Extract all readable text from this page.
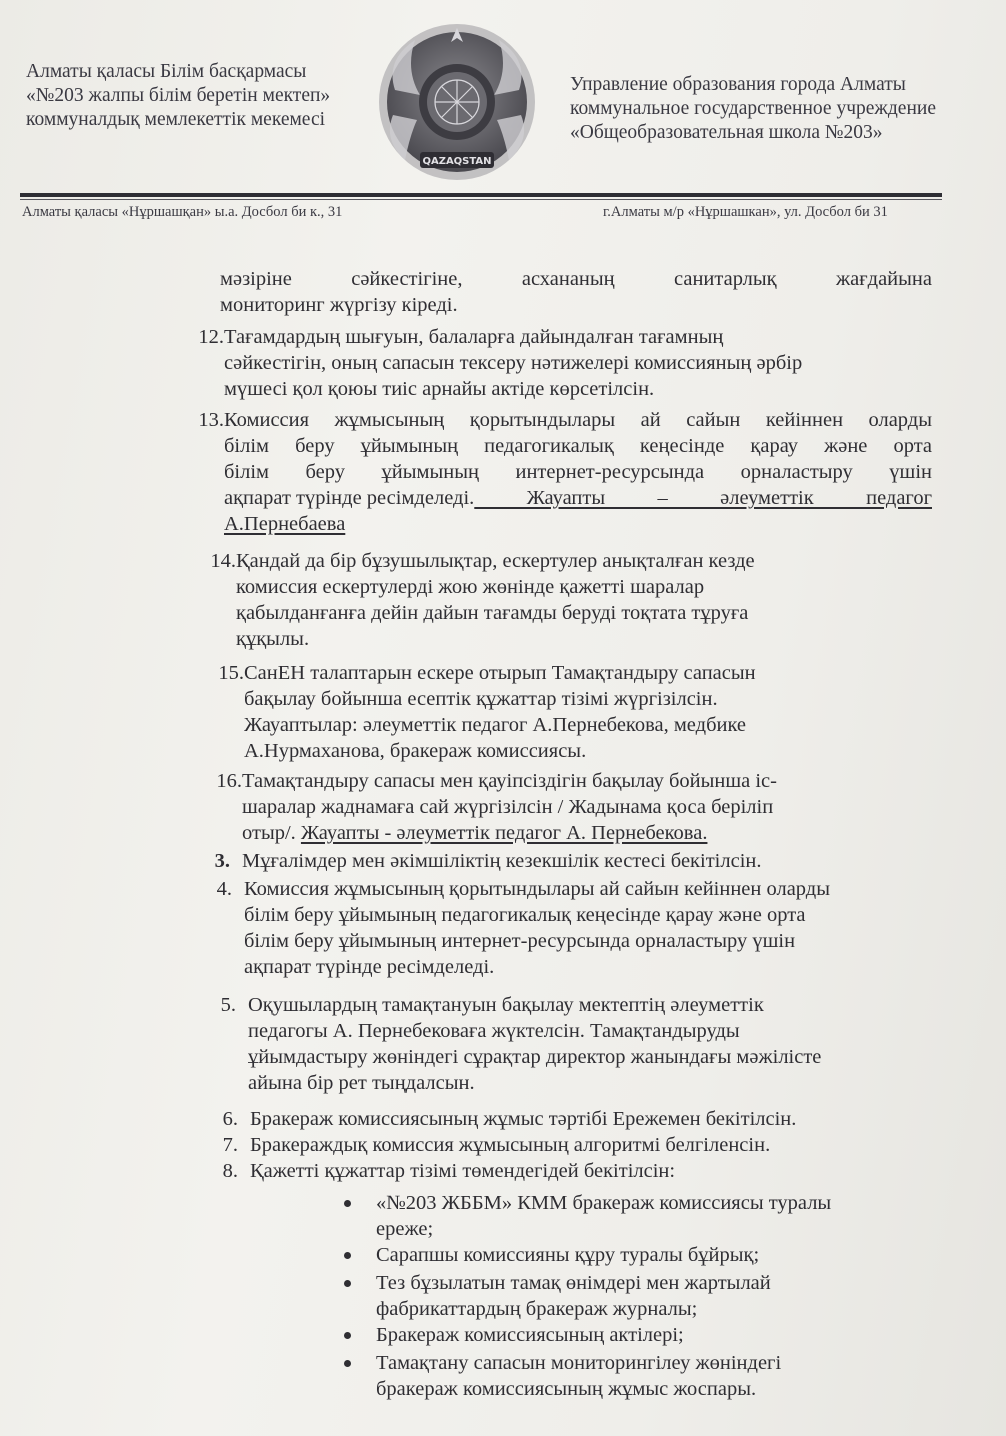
Алматы қаласы Білім басқармасы
«№203 жалпы білім беретін мектеп»
коммуналдық мемлекеттік мекемесі
QAZAQSTAN
Управление образования города Алматы
коммунальное государственное учреждение
«Общеобразовательная школа №203»
Алматы қаласы «Нұршашқан» ы.а. Досбол би к., 31	г.Алматы м/р «Нұршашкан», ул. Досбол би 31
мәзіріне сәйкестігіне, асхананың санитарлық жағдайына
мониторинг жүргізу кіреді.
12. Тағамдардың шығуын, балаларға дайындалған тағамның
сәйкестігін, оның сапасын тексеру нәтижелері комиссияның әрбір
мүшесі қол қоюы тиіс арнайы актіде көрсетілсін.
13. Комиссия жұмысының қорытындылары ай сайын кейіннен оларды
білім беру ұйымының педагогикалық кеңесінде қарау және орта
білім беру ұйымының интернет-ресурсында орналастыру үшін
ақпарат түрінде ресімделеді. Жауапты – әлеуметтік педагог
А.Пернебаева
14. Қандай да бір бұзушылықтар, ескертулер анықталған кезде
комиссия ескертулерді жою жөнінде қажетті шаралар
қабылданғанға дейін дайын тағамды беруді тоқтата тұруға
құқылы.
15. СанЕН талаптарын ескере отырып Тамақтандыру сапасын
бақылау бойынша есептік құжаттар тізімі жүргізілсін.
Жауаптылар: әлеуметтік педагог А.Пернебекова, медбике
А.Нурмаханова, бракераж комиссиясы.
16. Тамақтандыру сапасы мен қауіпсіздігін бақылау бойынша іс-
шаралар жаднамаға сай жүргізілсін / Жадынама қоса беріліп
отыр/. Жауапты - әлеуметтік педагог А. Пернебекова.
3. Мұғалімдер мен әкімшіліктің кезекшілік кестесі бекітілсін.
4. Комиссия жұмысының қорытындылары ай сайын кейіннен оларды
білім беру ұйымының педагогикалық кеңесінде қарау және орта
білім беру ұйымының интернет-ресурсында орналастыру үшін
ақпарат түрінде ресімделеді.
5. Оқушылардың тамақтануын бақылау мектептің әлеуметтік
педагогы А. Пернебековаға жүктелсін. Тамақтандыруды
ұйымдастыру жөніндегі сұрақтар директор жанындағы мәжілісте
айына бір рет тыңдалсын.
6. Бракераж комиссиясының жұмыс тәртібі Ережемен бекітілсін.
7. Бракераждық комиссия жұмысының алгоритмі белгіленсін.
8. Қажетті құжаттар тізімі төмендегідей бекітілсін:
«№203 ЖББМ» КММ бракераж комиссиясы туралы
ереже;
Сарапшы комиссияны құру туралы бұйрық;
Тез бұзылатын тамақ өнімдері мен жартылай
фабрикаттардың бракераж журналы;
Бракераж комиссиясының актілері;
Тамақтану сапасын мониторингілеу жөніндегі
бракераж комиссиясының жұмыс жоспары.
